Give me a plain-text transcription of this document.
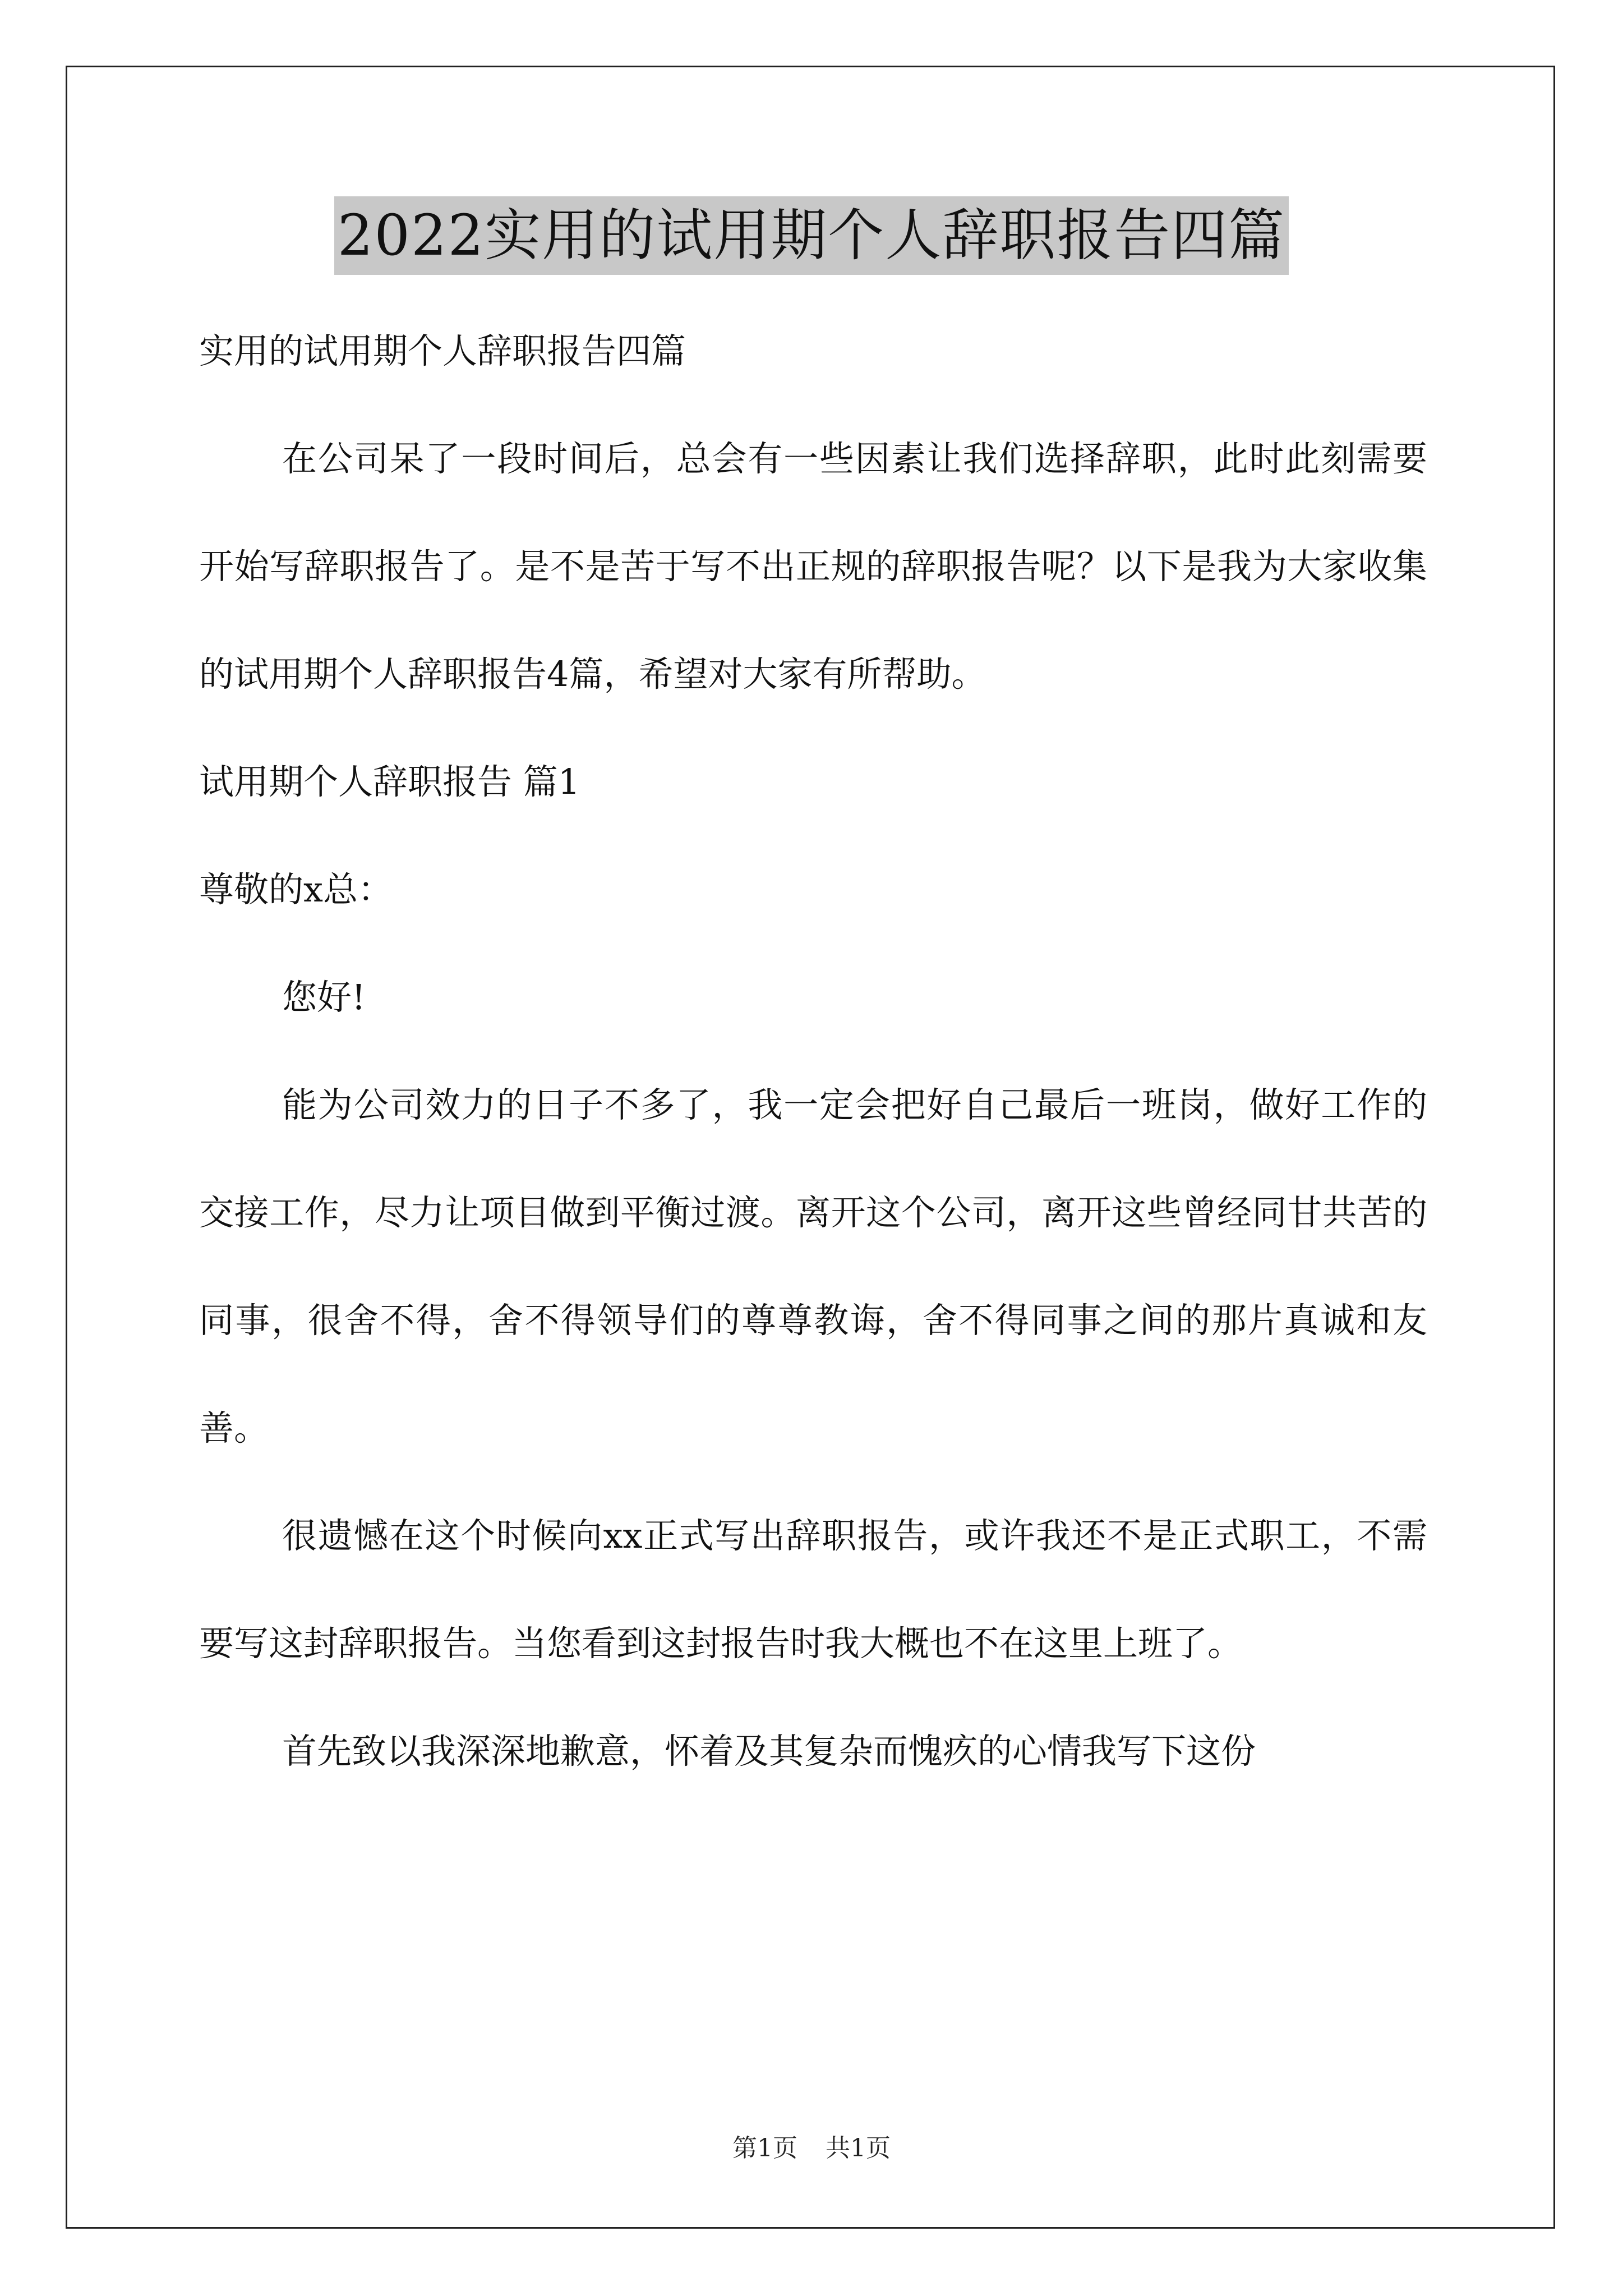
2022实用的试用期个人辞职报告四篇

实用的试用期个人辞职报告四篇

在公司呆了一段时间后，总会有一些因素让我们选择辞职，此时此刻需要开始写辞职报告了。是不是苦于写不出正规的辞职报告呢？以下是我为大家收集的试用期个人辞职报告4篇，希望对大家有所帮助。

试用期个人辞职报告 篇1

尊敬的x总：

您好!

能为公司效力的日子不多了，我一定会把好自己最后一班岗，做好工作的交接工作，尽力让项目做到平衡过渡。离开这个公司，离开这些曾经同甘共苦的同事，很舍不得，舍不得领导们的尊尊教诲，舍不得同事之间的那片真诚和友善。

很遗憾在这个时候向xx正式写出辞职报告，或许我还不是正式职工，不需要写这封辞职报告。当您看到这封报告时我大概也不在这里上班了。

首先致以我深深地歉意，怀着及其复杂而愧疚的心情我写下这份

第1页 共1页
